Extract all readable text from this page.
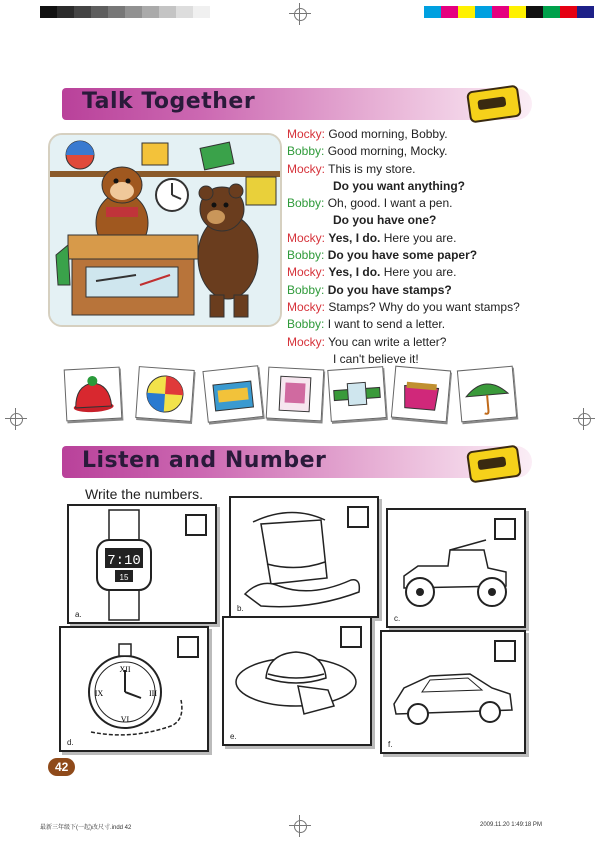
Talk Together
Mocky: Good morning, Bobby.
Bobby: Good morning, Mocky.
Mocky: This is my store.
Do you want anything?
Bobby: Oh, good. I want a pen.
Do you have one?
Mocky: Yes, I do. Here you are.
Bobby: Do you have some paper?
Mocky: Yes, I do. Here you are.
Bobby: Do you have stamps?
Mocky: Stamps? Why do you want stamps?
Bobby: I want to send a letter.
Mocky: You can write a letter?
I can't believe it!
Listen and Number
Write the numbers.
7:10
15
a.
b.
c.
XII
III
VI
IX
d.
e.
f.
42
最新三年级下(一起)改尺寸.indd 42	2009.11.20 1:49:18 PM
